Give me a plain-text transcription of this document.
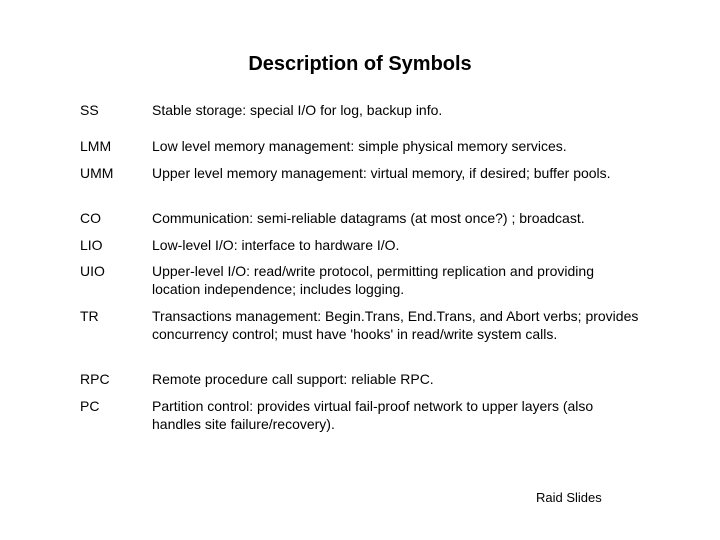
Description of Symbols
SS	Stable storage: special I/O for log, backup info.
LMM	Low level memory management: simple physical memory services.
UMM	Upper level memory management: virtual memory, if desired; buffer pools.
CO	Communication: semi-reliable datagrams (at most once?) ; broadcast.
LIO	Low-level I/O: interface to hardware I/O.
UIO	Upper-level I/O: read/write protocol, permitting replication and providing location independence; includes logging.
TR	Transactions management: Begin.Trans, End.Trans, and Abort verbs; provides concurrency control; must have 'hooks' in read/write system calls.
RPC	Remote procedure call support: reliable RPC.
PC	Partition control: provides virtual fail-proof network to upper layers (also handles site failure/recovery).
Raid Slides
